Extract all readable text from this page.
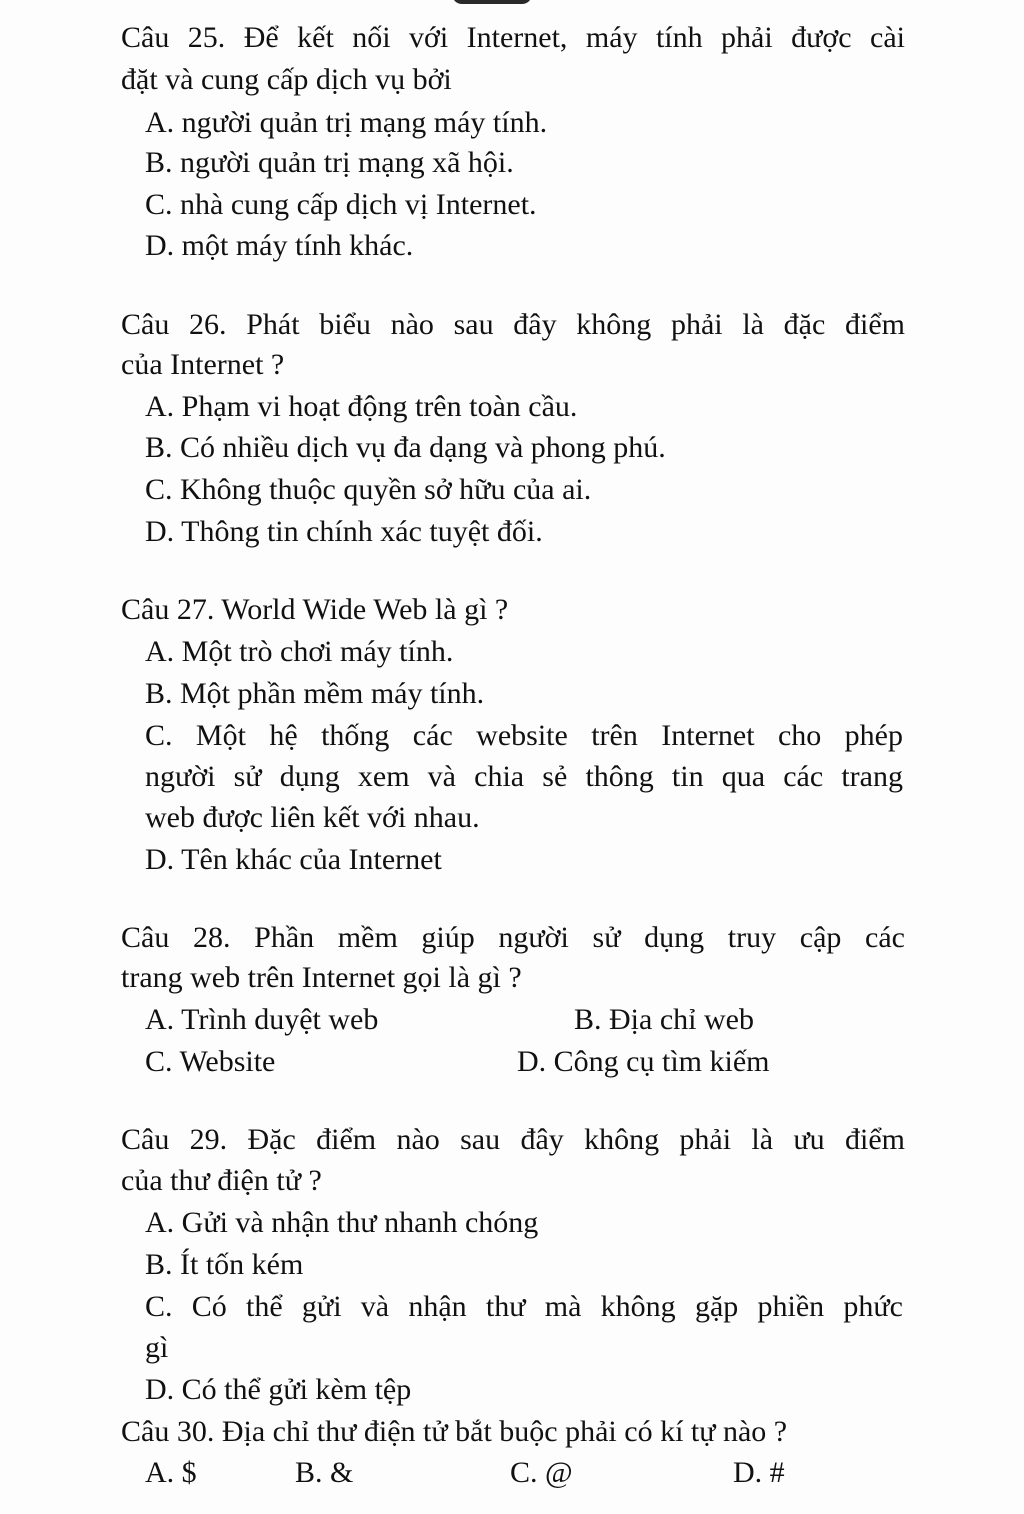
Câu 25. Để kết nối với Internet, máy tính phải được cài
đặt và cung cấp dịch vụ bởi
A. người quản trị mạng máy tính.
B. người quản trị mạng xã hội.
C. nhà cung cấp dịch vị Internet.
D. một máy tính khác.
Câu 26. Phát biểu nào sau đây không phải là đặc điểm
của Internet ?
A. Phạm vi hoạt động trên toàn cầu.
B. Có nhiều dịch vụ đa dạng và phong phú.
C. Không thuộc quyền sở hữu của ai.
D. Thông tin chính xác tuyệt đối.
Câu 27. World Wide Web là gì ?
A. Một trò chơi máy tính.
B. Một phần mềm máy tính.
C. Một hệ thống các website trên Internet cho phép
người sử dụng xem và chia sẻ thông tin qua các trang
web được liên kết với nhau.
D. Tên khác của Internet
Câu 28. Phần mềm giúp người sử dụng truy cập các
trang web trên Internet gọi là gì ?
A. Trình duyệt web	B. Địa chỉ web
C. Website	D. Công cụ tìm kiếm
Câu 29. Đặc điểm nào sau đây không phải là ưu điểm
của thư điện tử ?
A. Gửi và nhận thư nhanh chóng
B. Ít tốn kém
C. Có thể gửi và nhận thư mà không gặp phiền phức
gì
D. Có thể gửi kèm tệp
Câu 30. Địa chỉ thư điện tử bắt buộc phải có kí tự nào ?
A. $	B. &	C. @	D. #
